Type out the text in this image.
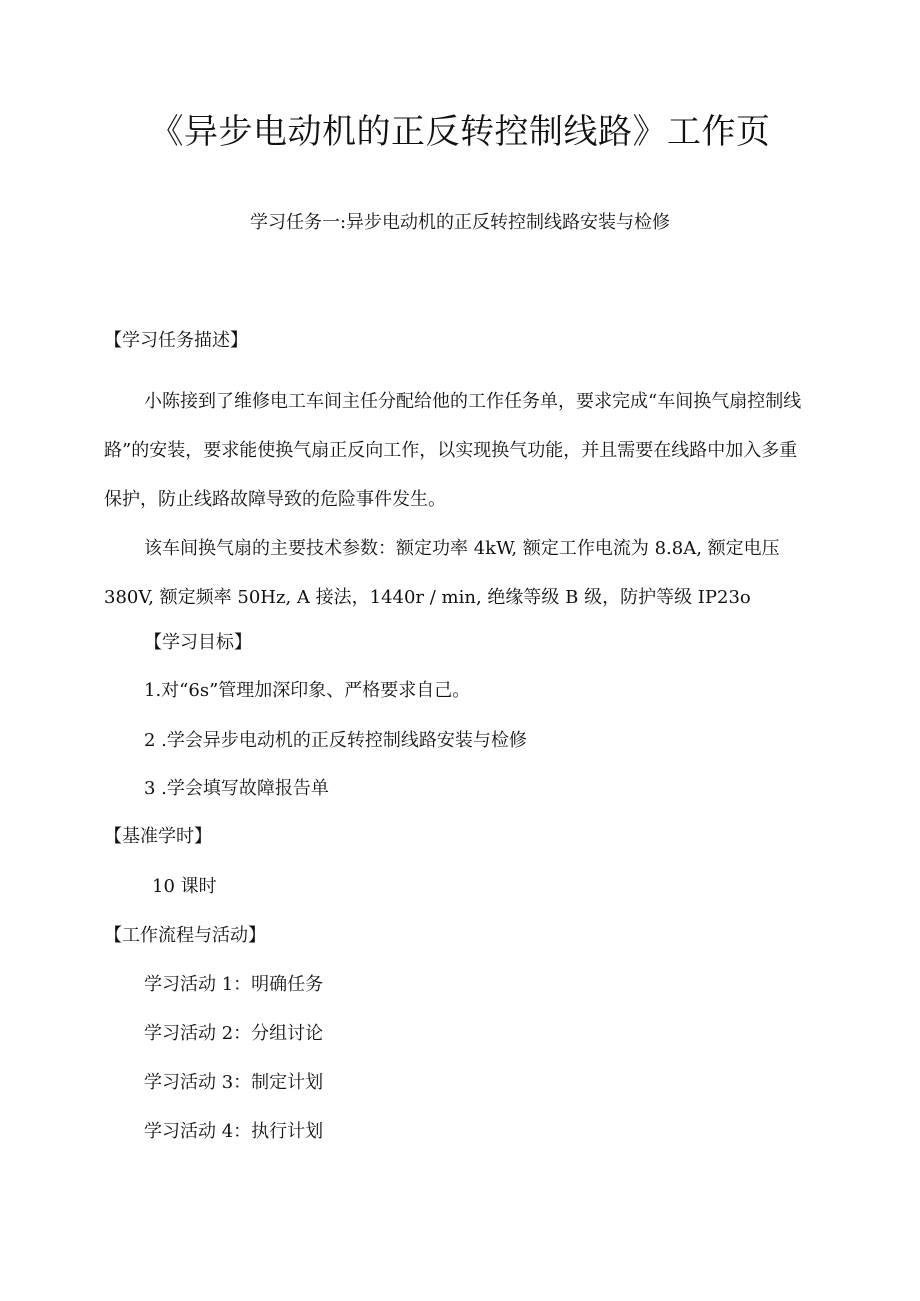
《异步电动机的正反转控制线路》工作页
学习任务一:异步电动机的正反转控制线路安装与检修
【学习任务描述】
小陈接到了维修电工车间主任分配给他的工作任务单，要求完成“车间换气扇控制线
路”的安装，要求能使换气扇正反向工作，以实现换气功能，并且需要在线路中加入多重
保护，防止线路故障导致的危险事件发生。
该车间换气扇的主要技术参数：额定功率 4kW, 额定工作电流为 8.8A, 额定电压
380V, 额定频率 50Hz, A 接法，1440r / min, 绝缘等级 B 级，防护等级 IP23o
【学习目标】
1.对“6s”管理加深印象、严格要求自己。
2 .学会异步电动机的正反转控制线路安装与检修
3 .学会填写故障报告单
【基准学时】
10 课时
【工作流程与活动】
学习活动 1：明确任务
学习活动 2：分组讨论
学习活动 3：制定计划
学习活动 4：执行计划
